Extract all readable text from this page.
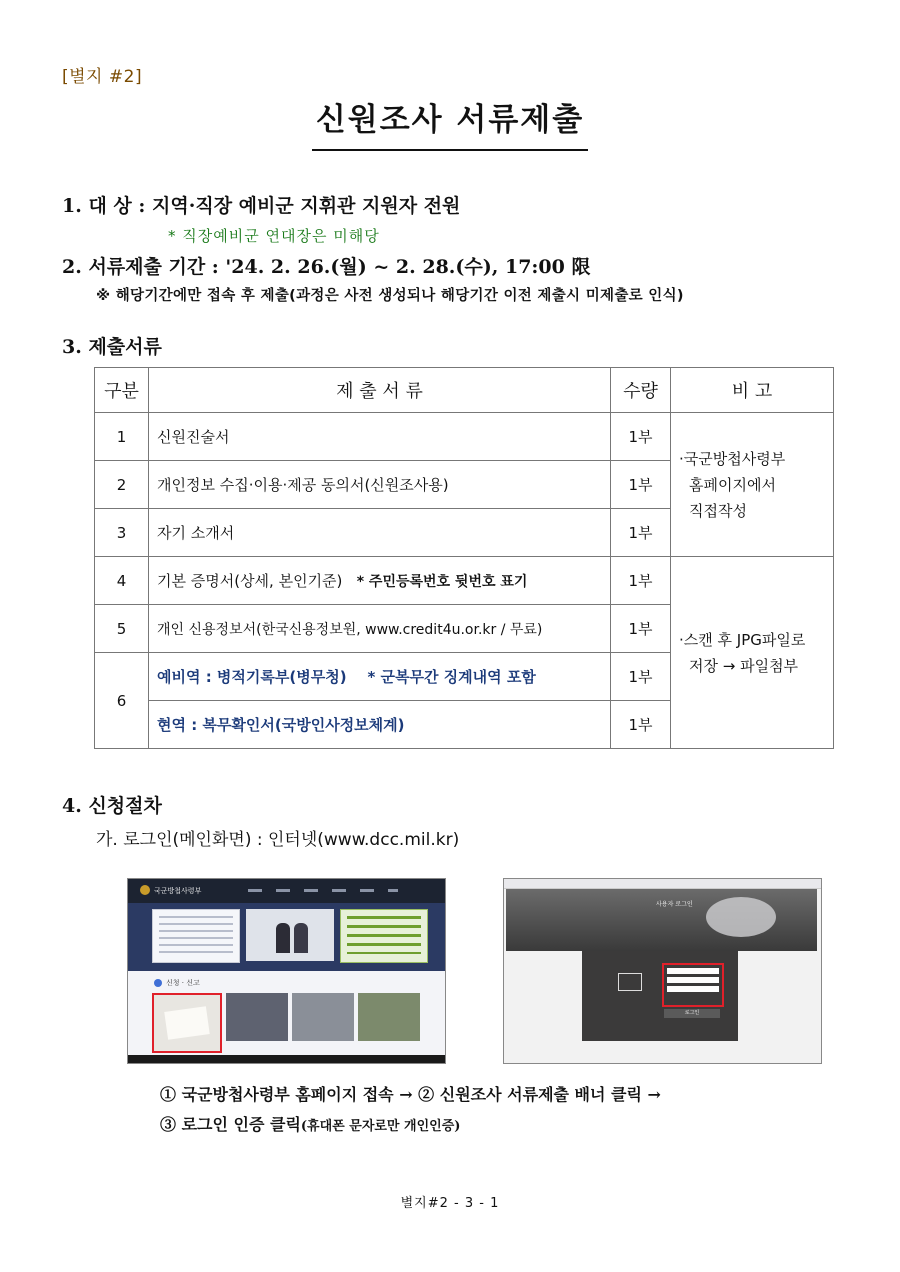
[별지 #2]
신원조사 서류제출
1. 대 상 : 지역·직장 예비군 지휘관 지원자 전원
* 직장예비군 연대장은 미해당
2. 서류제출 기간 : '24. 2. 26.(월) ~ 2. 28.(수), 17:00 限
※ 해당기간에만 접속 후 제출(과정은 사전 생성되나 해당기간 이전 제출시 미제출로 인식)
3. 제출서류
구분	제 출 서 류	수량	비 고
1	신원진술서	1부	·국군방첩사령부
홈페이지에서
직접작성

2	개인정보 수집·이용·제공 동의서(신원조사용)	1부	
3	자기 소개서	1부	
4	기본 증명서(상세, 본인기준) * 주민등록번호 뒷번호 표기	1부	·스캔 후 JPG파일로
저장 → 파일첨부

5	개인 신용정보서(한국신용정보원, www.credit4u.or.kr / 무료)	1부	
6	예비역 : 병적기록부(병무청) * 군복무간 징계내역 포함	1부	
	현역 : 복무확인서(국방인사정보체계)	1부	
4. 신청절차
가. 로그인(메인화면) : 인터넷(www.dcc.mil.kr)
국군방첩사령부
신청 · 신고
사용자 로그인
로그인
① 국군방첩사령부 홈페이지 접속 → ② 신원조사 서류제출 배너 클릭 →
③ 로그인 인증 클릭(휴대폰 문자로만 개인인증)
별지#2 - 3 - 1
